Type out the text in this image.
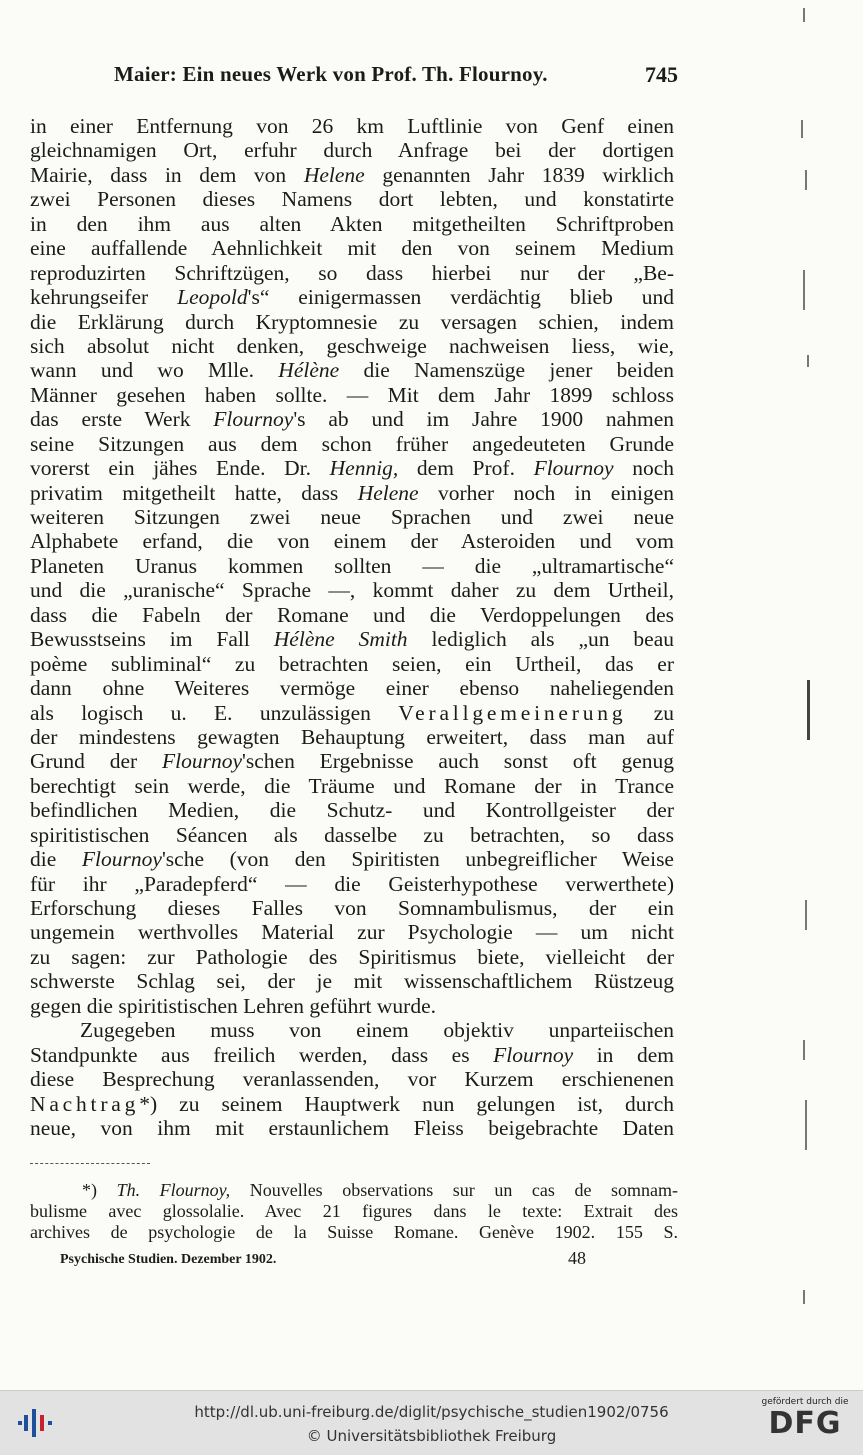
Maier: Ein neues Werk von Prof. Th. Flournoy.	745
in einer Entfernung von 26 km Luftlinie von Genf einen
gleichnamigen Ort, erfuhr durch Anfrage bei der dortigen
Mairie, dass in dem von Helene genannten Jahr 1839 wirklich
zwei Personen dieses Namens dort lebten, und konstatirte
in den ihm aus alten Akten mitgetheilten Schriftproben
eine auffallende Aehnlichkeit mit den von seinem Medium
reproduzirten Schriftzügen, so dass hierbei nur der „Be-
kehrungseifer Leopold's“ einigermassen verdächtig blieb und
die Erklärung durch Kryptomnesie zu versagen schien, indem
sich absolut nicht denken, geschweige nachweisen liess, wie,
wann und wo Mlle. Hélène die Namenszüge jener beiden
Männer gesehen haben sollte. — Mit dem Jahr 1899 schloss
das erste Werk Flournoy's ab und im Jahre 1900 nahmen
seine Sitzungen aus dem schon früher angedeuteten Grunde
vorerst ein jähes Ende. Dr. Hennig, dem Prof. Flournoy noch
privatim mitgetheilt hatte, dass Helene vorher noch in einigen
weiteren Sitzungen zwei neue Sprachen und zwei neue
Alphabete erfand, die von einem der Asteroiden und vom
Planeten Uranus kommen sollten — die „ultramartische“
und die „uranische“ Sprache —, kommt daher zu dem Urtheil,
dass die Fabeln der Romane und die Verdoppelungen des
Bewusstseins im Fall Hélène Smith lediglich als „un beau
poème subliminal“ zu betrachten seien, ein Urtheil, das er
dann ohne Weiteres vermöge einer ebenso naheliegenden
als logisch u. E. unzulässigen Verallgemeinerung zu
der mindestens gewagten Behauptung erweitert, dass man auf
Grund der Flournoy'schen Ergebnisse auch sonst oft genug
berechtigt sein werde, die Träume und Romane der in Trance
befindlichen Medien, die Schutz- und Kontrollgeister der
spiritistischen Séancen als dasselbe zu betrachten, so dass
die Flournoy'sche (von den Spiritisten unbegreiflicher Weise
für ihr „Paradepferd“ — die Geisterhypothese verwerthete)
Erforschung dieses Falles von Somnambulismus, der ein
ungemein werthvolles Material zur Psychologie — um nicht
zu sagen: zur Pathologie des Spiritismus biete, vielleicht der
schwerste Schlag sei, der je mit wissenschaftlichem Rüstzeug
gegen die spiritistischen Lehren geführt wurde.
Zugegeben muss von einem objektiv unparteiischen
Standpunkte aus freilich werden, dass es Flournoy in dem
diese Besprechung veranlassenden, vor Kurzem erschienenen
Nachtrag*) zu seinem Hauptwerk nun gelungen ist, durch
neue, von ihm mit erstaunlichem Fleiss beigebrachte Daten
*) Th. Flournoy, Nouvelles observations sur un cas de somnam-
bulisme avec glossolalie. Avec 21 figures dans le texte: Extrait des
archives de psychologie de la Suisse Romane. Genève 1902. 155 S.
Psychische Studien. Dezember 1902.	48
http://dl.ub.uni-freiburg.de/diglit/psychische_studien1902/0756
© Universitätsbibliothek Freiburg
gefördert durch die
DFG
